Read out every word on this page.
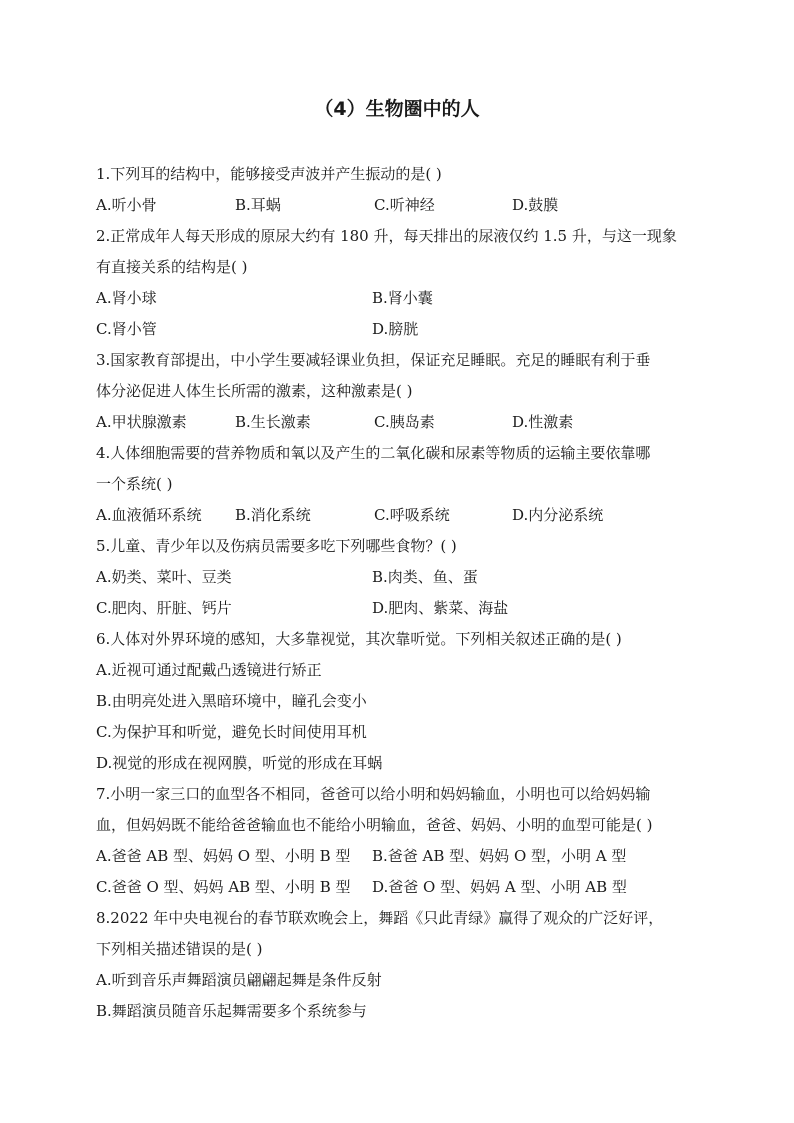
（4）生物圈中的人
1.下列耳的结构中，能够接受声波并产生振动的是( )
A.听小骨	B.耳蜗	C.听神经	D.鼓膜
2.正常成年人每天形成的原尿大约有 180 升，每天排出的尿液仅约 1.5 升，与这一现象
有直接关系的结构是( )
A.肾小球	B.肾小囊
C.肾小管	D.膀胱
3.国家教育部提出，中小学生要减轻课业负担，保证充足睡眠。充足的睡眠有利于垂
体分泌促进人体生长所需的激素，这种激素是( )
A.甲状腺激素	B.生长激素	C.胰岛素	D.性激素
4.人体细胞需要的营养物质和氧以及产生的二氧化碳和尿素等物质的运输主要依靠哪
一个系统( )
A.血液循环系统	B.消化系统	C.呼吸系统	D.内分泌系统
5.儿童、青少年以及伤病员需要多吃下列哪些食物？( )
A.奶类、菜叶、豆类	B.肉类、鱼、蛋
C.肥肉、肝脏、钙片	D.肥肉、紫菜、海盐
6.人体对外界环境的感知，大多靠视觉，其次靠听觉。下列相关叙述正确的是( )
A.近视可通过配戴凸透镜进行矫正
B.由明亮处进入黑暗环境中，瞳孔会变小
C.为保护耳和听觉，避免长时间使用耳机
D.视觉的形成在视网膜，听觉的形成在耳蜗
7.小明一家三口的血型各不相同，爸爸可以给小明和妈妈输血，小明也可以给妈妈输
血，但妈妈既不能给爸爸输血也不能给小明输血，爸爸、妈妈、小明的血型可能是( )
A.爸爸 AB 型、妈妈 O 型、小明 B 型	B.爸爸 AB 型、妈妈 O 型，小明 A 型
C.爸爸 O 型、妈妈 AB 型、小明 B 型	D.爸爸 O 型、妈妈 A 型、小明 AB 型
8.2022 年中央电视台的春节联欢晚会上，舞蹈《只此青绿》赢得了观众的广泛好评，
下列相关描述错误的是( )
A.听到音乐声舞蹈演员翩翩起舞是条件反射
B.舞蹈演员随音乐起舞需要多个系统参与
